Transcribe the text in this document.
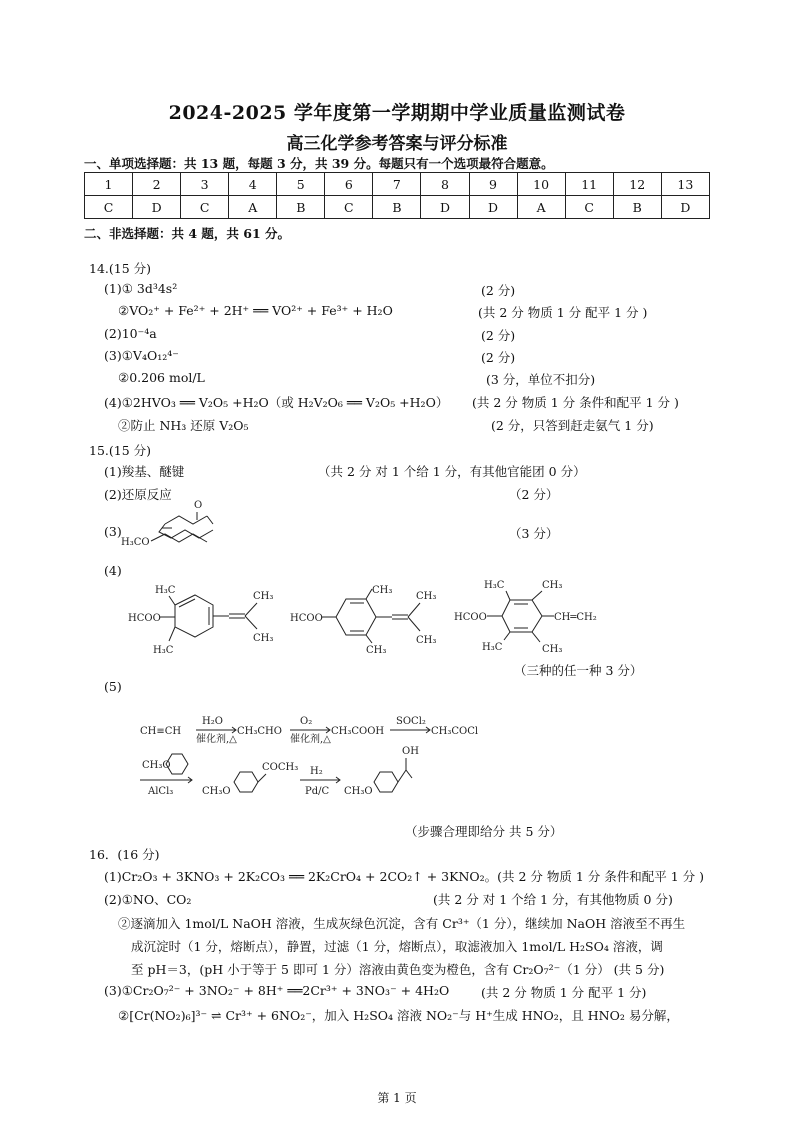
2024-2025 学年度第一学期期中学业质量监测试卷
高三化学参考答案与评分标准
一、单项选择题：共 13 题，每题 3 分，共 39 分。每题只有一个选项最符合题意。
1	2	3	4	5	6	7	8	9	10	11	12	13
C	D	C	A	B	C	B	D	D	A	C	B	D
二、非选择题：共 4 题，共 61 分。
14.(15 分)
(1)① 3d³4s²	(2 分)
②VO₂⁺ + Fe²⁺ + 2H⁺ ══ VO²⁺ + Fe³⁺ + H₂O	(共 2 分 物质 1 分 配平 1 分 )
(2)10⁻⁴a	(2 分)
(3)①V₄O₁₂⁴⁻	(2 分)
②0.206 mol/L	(3 分，单位不扣分)
(4)①2HVO₃ ══ V₂O₅ +H₂O（或 H₂V₂O₆ ══ V₂O₅ +H₂O） (共 2 分 物质 1 分 条件和配平 1 分 )
②防止 NH₃ 还原 V₂O₅	(2 分，只答到赶走氨气 1 分)
15.(15 分)
(1)羧基、醚键	（共 2 分 对 1 个给 1 分，有其他官能团 0 分）
(2)还原反应	（2 分）
(3)	（3 分）
O
H₃CO
(4)
H₃C
HCOO
H₃C
CH₃
CH₃
HCOO
CH₃
CH₃
CH₃
CH₃
H₃C	CH₃
HCOO	CH═CH₂
H₃C	CH₃
（三种的任一种 3 分）
(5)
CH≡CH
H₂O
催化剂,△
CH₃CHO
O₂
催化剂,△
CH₃COOH
SOCl₂
CH₃COCl
CH₃O
AlCl₃	CH₃O
COCH₃ H₂
Pd/C CH₃O
OH
（步骤合理即给分 共 5 分）
16．(16 分)
(1)Cr₂O₃ + 3KNO₃ + 2K₂CO₃ ══ 2K₂CrO₄ + 2CO₂↑ + 3KNO₂。(共 2 分 物质 1 分 条件和配平 1 分 )
(2)①NO、CO₂	(共 2 分 对 1 个给 1 分，有其他物质 0 分)
②逐滴加入 1mol/L NaOH 溶液，生成灰绿色沉淀，含有 Cr³⁺（1 分），继续加 NaOH 溶液至不再生
成沉淀时（1 分，熔断点），静置，过滤（1 分，熔断点），取滤液加入 1mol/L H₂SO₄ 溶液，调
至 pH＝3，(pH 小于等于 5 即可 1 分）溶液由黄色变为橙色，含有 Cr₂O₇²⁻（1 分） (共 5 分)
(3)①Cr₂O₇²⁻ + 3NO₂⁻ + 8H⁺ ══2Cr³⁺ + 3NO₃⁻ + 4H₂O	(共 2 分 物质 1 分 配平 1 分)
②[Cr(NO₂)₆]³⁻ ⇌ Cr³⁺ + 6NO₂⁻，加入 H₂SO₄ 溶液 NO₂⁻与 H⁺生成 HNO₂，且 HNO₂ 易分解，
第 1 页
